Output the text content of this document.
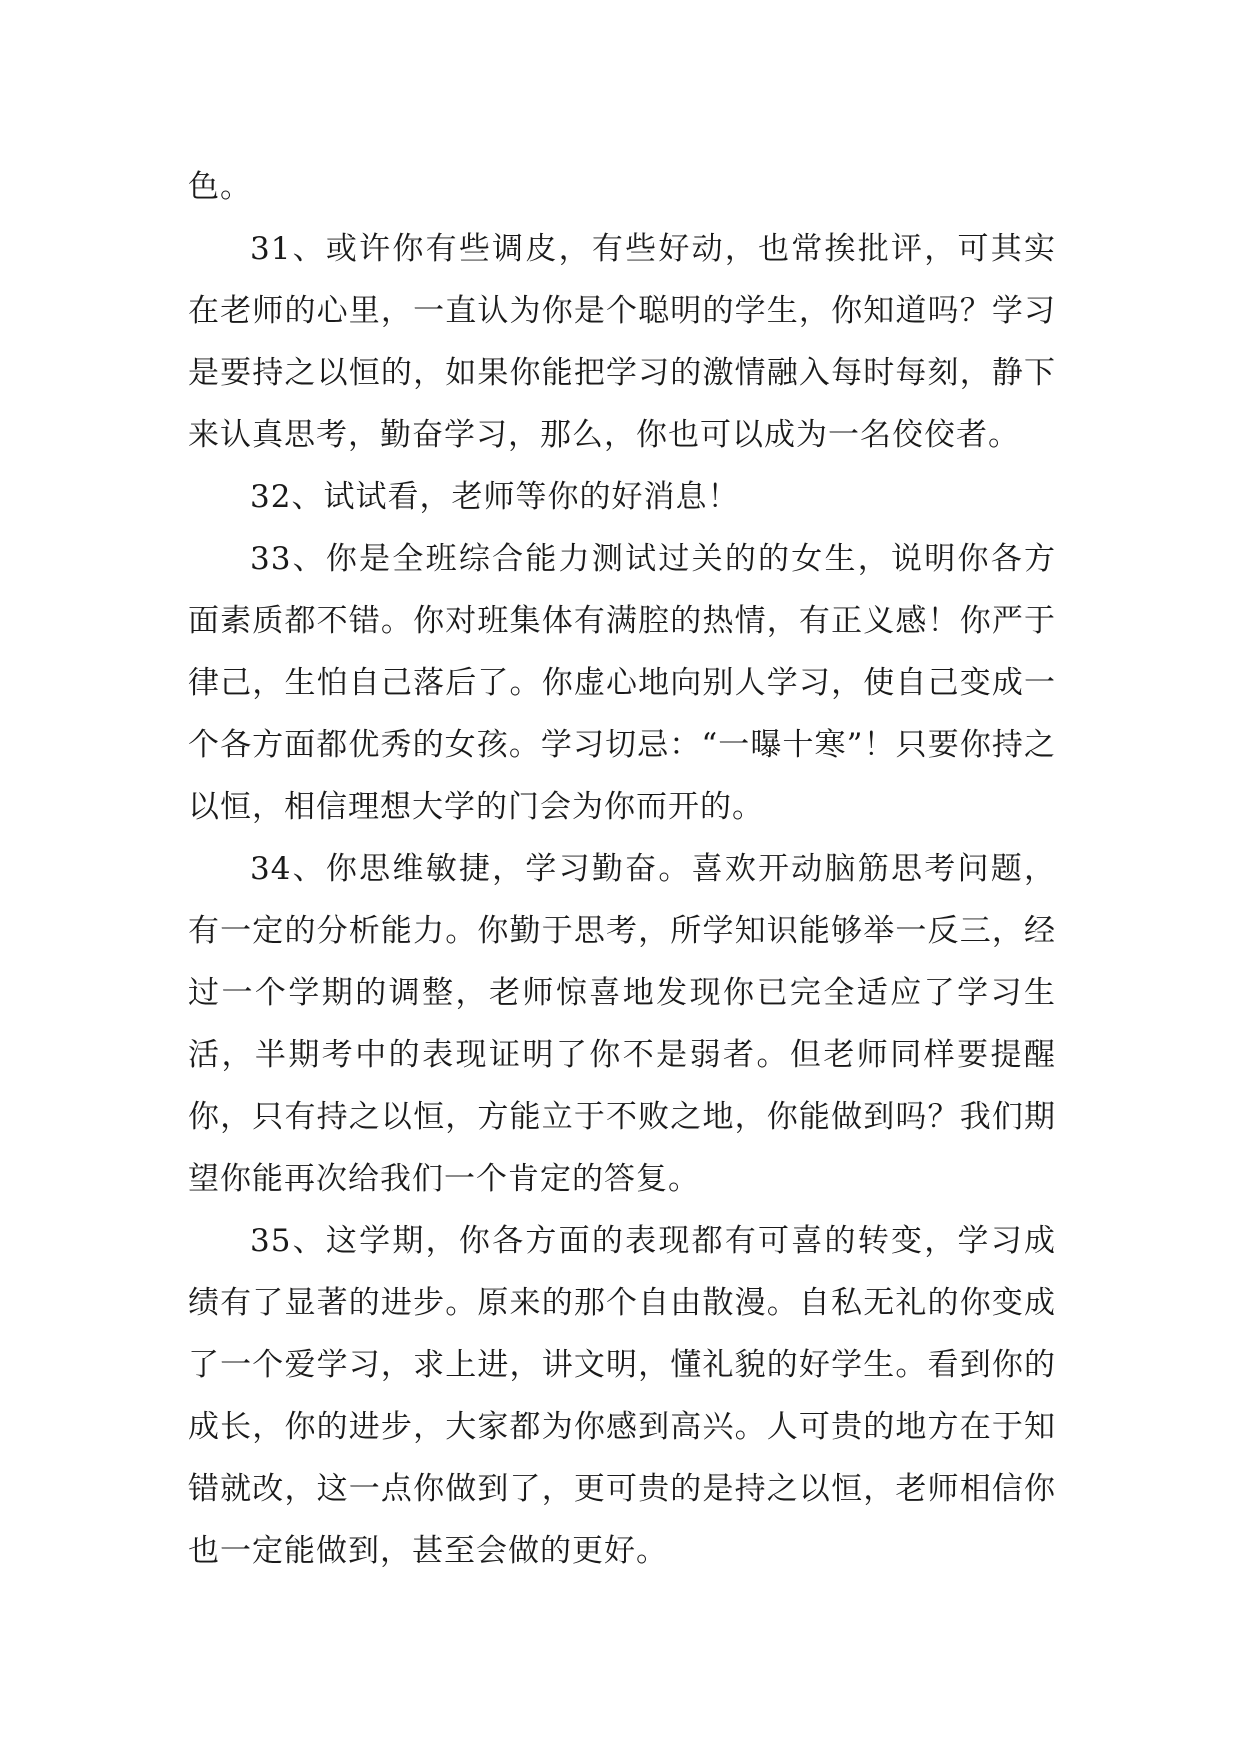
色。

31、或许你有些调皮，有些好动，也常挨批评，可其实在老师的心里，一直认为你是个聪明的学生，你知道吗？学习是要持之以恒的，如果你能把学习的激情融入每时每刻，静下来认真思考，勤奋学习，那么，你也可以成为一名佼佼者。

32、试试看，老师等你的好消息！

33、你是全班综合能力测试过关的的女生，说明你各方面素质都不错。你对班集体有满腔的热情，有正义感！你严于律己，生怕自己落后了。你虚心地向别人学习，使自己变成一个各方面都优秀的女孩。学习切忌：“一曝十寒”！只要你持之以恒，相信理想大学的门会为你而开的。

34、你思维敏捷，学习勤奋。喜欢开动脑筋思考问题，有一定的分析能力。你勤于思考，所学知识能够举一反三，经过一个学期的调整，老师惊喜地发现你已完全适应了学习生活，半期考中的表现证明了你不是弱者。但老师同样要提醒你，只有持之以恒，方能立于不败之地，你能做到吗？我们期望你能再次给我们一个肯定的答复。

35、这学期，你各方面的表现都有可喜的转变，学习成绩有了显著的进步。原来的那个自由散漫。自私无礼的你变成了一个爱学习，求上进，讲文明，懂礼貌的好学生。看到你的成长，你的进步，大家都为你感到高兴。人可贵的地方在于知错就改，这一点你做到了，更可贵的是持之以恒，老师相信你也一定能做到，甚至会做的更好。
